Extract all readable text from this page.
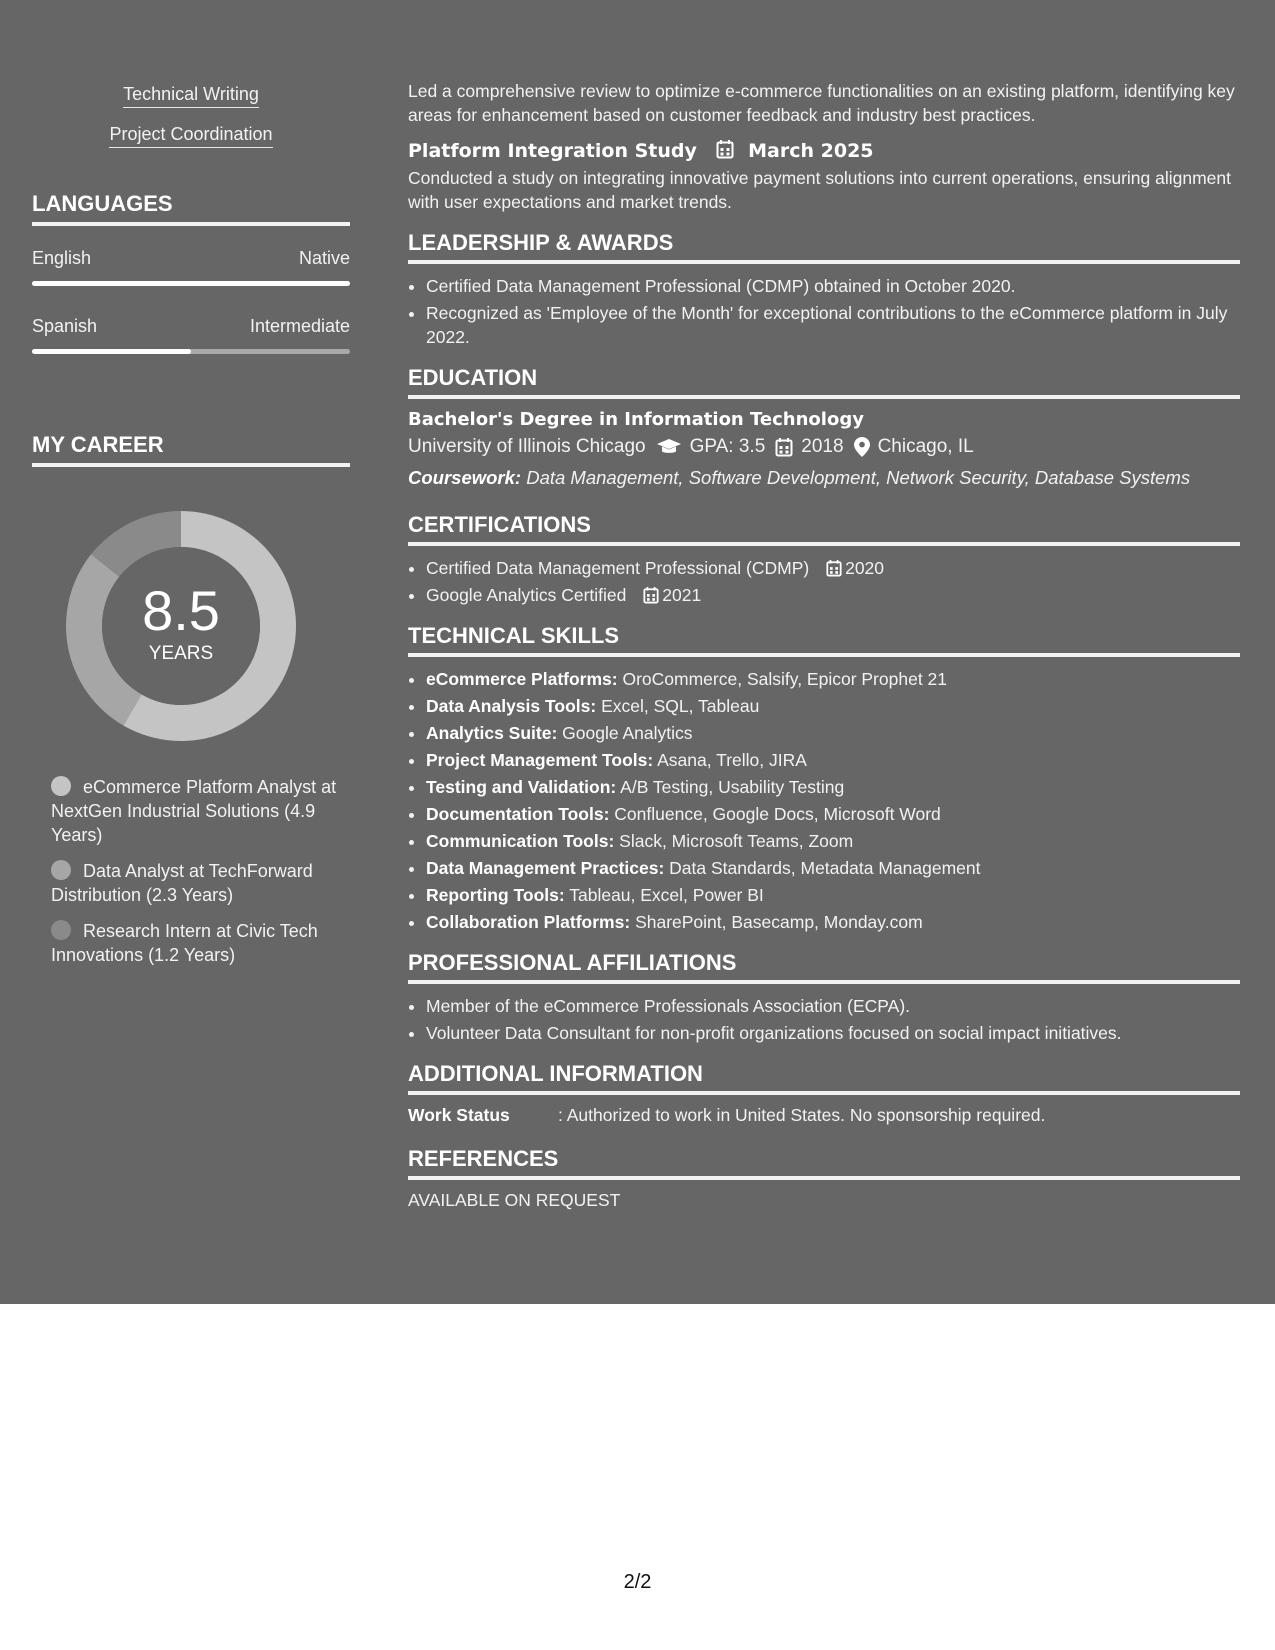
Technical Writing
Project Coordination
LANGUAGES
English	Native
Spanish	Intermediate
MY CAREER
8.5
YEARS
eCommerce Platform Analyst at NextGen Industrial Solutions (4.9 Years)
Data Analyst at TechForward Distribution (2.3 Years)
Research Intern at Civic Tech Innovations (1.2 Years)

Led a comprehensive review to optimize e-commerce functionalities on an existing platform, identifying key areas for enhancement based on customer feedback and industry best practices.

Platform Integration Study	March 2025

Conducted a study on integrating innovative payment solutions into current operations, ensuring alignment with user expectations and market trends.

LEADERSHIP & AWARDS
• Certified Data Management Professional (CDMP) obtained in October 2020.
• Recognized as 'Employee of the Month' for exceptional contributions to the eCommerce platform in July 2022.
EDUCATION
Bachelor's Degree in Information Technology
University of Illinois Chicago GPA: 3.5 2018 Chicago, IL
Coursework: Data Management, Software Development, Network Security, Database Systems
CERTIFICATIONS
• Certified Data Management Professional (CDMP) 2020
• Google Analytics Certified 2021
TECHNICAL SKILLS
• eCommerce Platforms: OroCommerce, Salsify, Epicor Prophet 21
• Data Analysis Tools: Excel, SQL, Tableau
• Analytics Suite: Google Analytics
• Project Management Tools: Asana, Trello, JIRA
• Testing and Validation: A/B Testing, Usability Testing
• Documentation Tools: Confluence, Google Docs, Microsoft Word
• Communication Tools: Slack, Microsoft Teams, Zoom
• Data Management Practices: Data Standards, Metadata Management
• Reporting Tools: Tableau, Excel, Power BI
• Collaboration Platforms: SharePoint, Basecamp, Monday.com
PROFESSIONAL AFFILIATIONS
• Member of the eCommerce Professionals Association (ECPA).
• Volunteer Data Consultant for non-profit organizations focused on social impact initiatives.
ADDITIONAL INFORMATION
Work Status	: Authorized to work in United States. No sponsorship required.
REFERENCES
AVAILABLE ON REQUEST
2/2
